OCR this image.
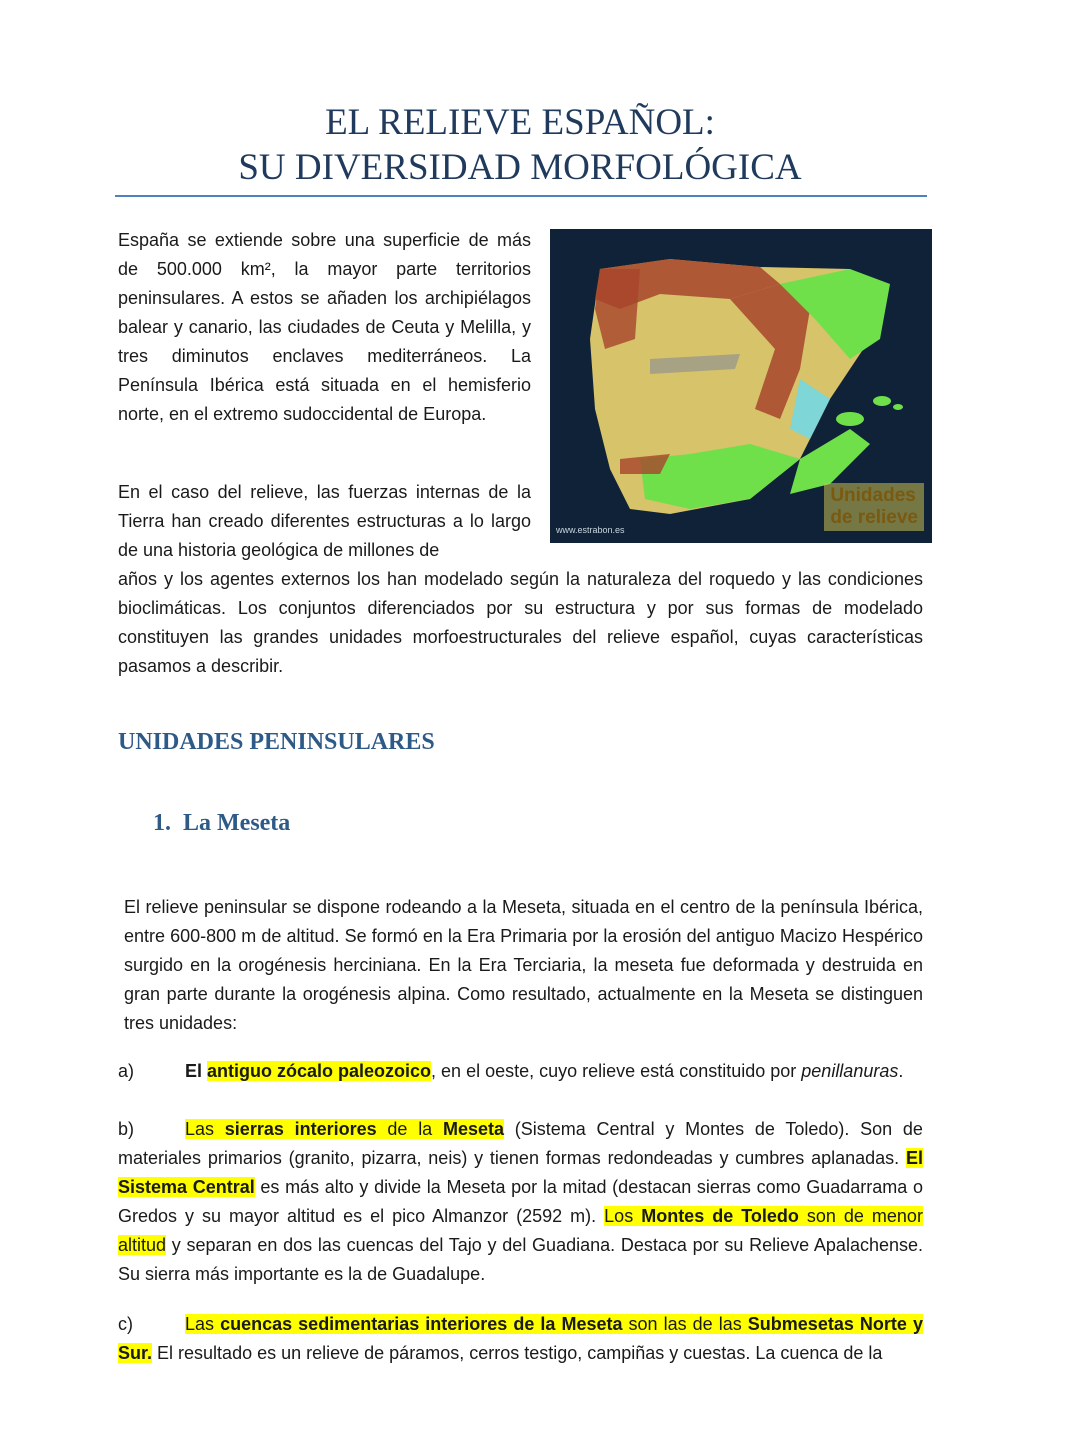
EL RELIEVE ESPAÑOL:
SU DIVERSIDAD MORFOLÓGICA

España se extiende sobre una superficie de más de 500.000 km², la mayor parte territorios peninsulares. A estos se añaden los archipiélagos balear y canario, las ciudades de Ceuta y Melilla, y tres diminutos enclaves mediterráneos. La Península Ibérica está situada en el hemisferio norte, en el extremo sudoccidental de Europa.

Unidades
de relieve
www.estrabon.es

En el caso del relieve, las fuerzas internas de la Tierra han creado diferentes estructuras a lo largo de una historia geológica de millones de

años y los agentes externos los han modelado según la naturaleza del roquedo y las condiciones bioclimáticas. Los conjuntos diferenciados por su estructura y por sus formas de modelado constituyen las grandes unidades morfoestructurales del relieve español, cuyas características pasamos a describir.

UNIDADES PENINSULARES
1. La Meseta

El relieve peninsular se dispone rodeando a la Meseta, situada en el centro de la península Ibérica, entre 600-800 m de altitud. Se formó en la Era Primaria por la erosión del antiguo Macizo Hespérico surgido en la orogénesis herciniana. En la Era Terciaria, la meseta fue deformada y destruida en gran parte durante la orogénesis alpina. Como resultado, actualmente en la Meseta se distinguen tres unidades:

a)	El antiguo zócalo paleozoico, en el oeste, cuyo relieve está constituido por penillanuras.

b)	Las sierras interiores de la Meseta (Sistema Central y Montes de Toledo). Son de materiales primarios (granito, pizarra, neis) y tienen formas redondeadas y cumbres aplanadas. El Sistema Central es más alto y divide la Meseta por la mitad (destacan sierras como Guadarrama o Gredos y su mayor altitud es el pico Almanzor (2592 m). Los Montes de Toledo son de menor altitud y separan en dos las cuencas del Tajo y del Guadiana. Destaca por su Relieve Apalachense. Su sierra más importante es la de Guadalupe.

c)	Las cuencas sedimentarias interiores de la Meseta son las de las Submesetas Norte y Sur. El resultado es un relieve de páramos, cerros testigo, campiñas y cuestas. La cuenca de la
